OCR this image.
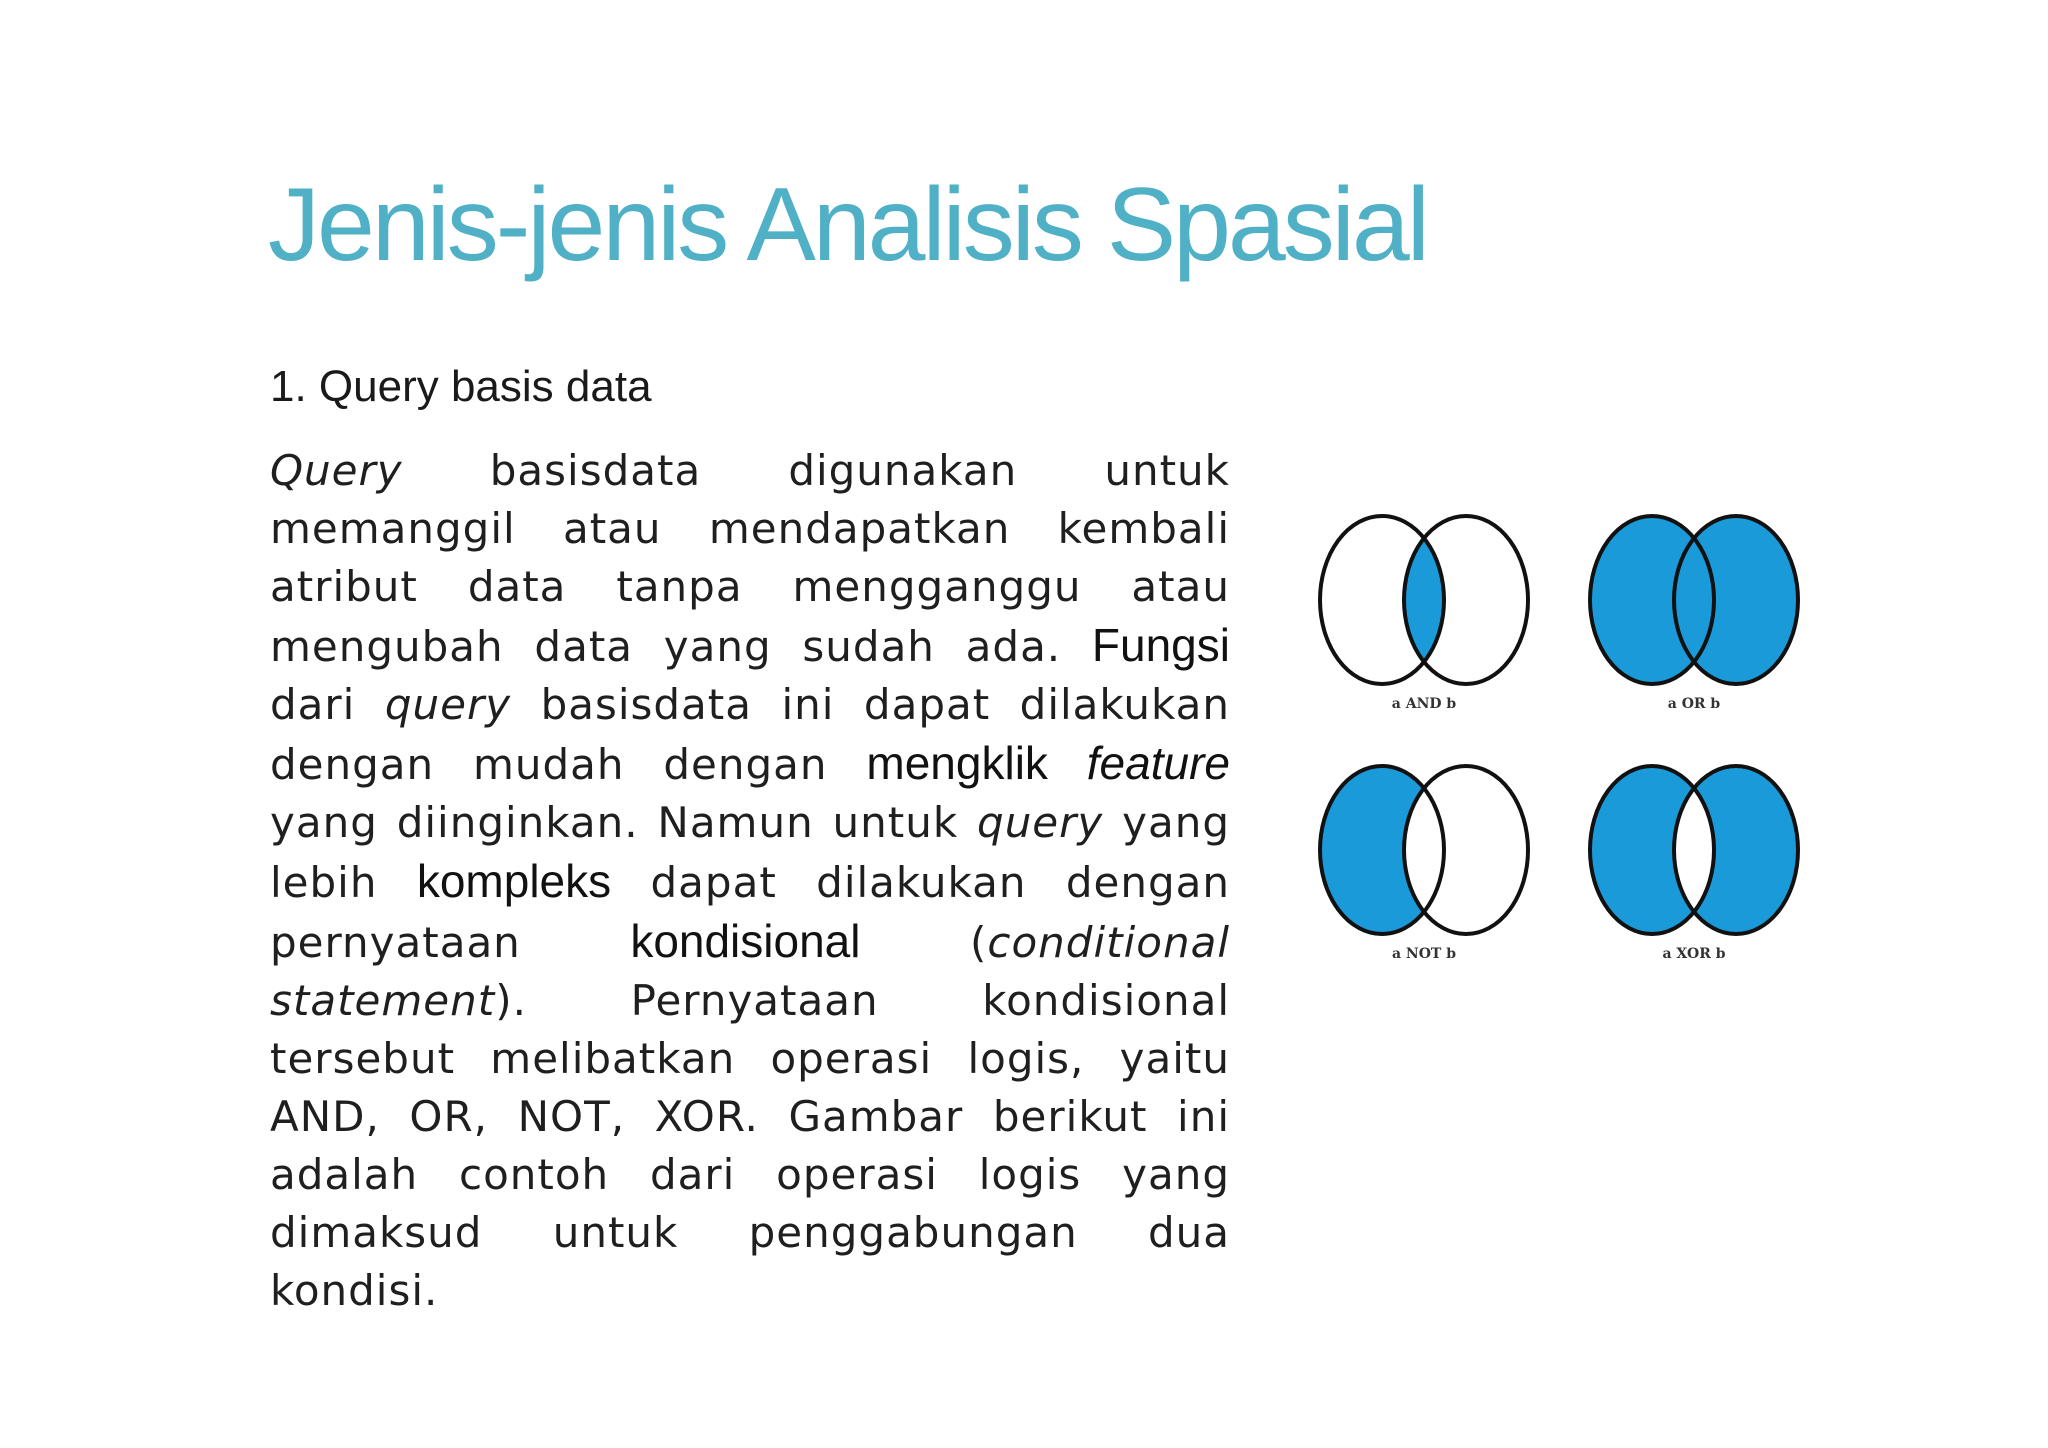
Jenis-jenis Analisis Spasial
1. Query basis data

Query basisdata digunakan untuk memanggil atau mendapatkan kembali atribut data tanpa mengganggu atau mengubah data yang sudah ada. Fungsi dari query basisdata ini dapat dilakukan dengan mudah dengan mengklik feature yang diinginkan. Namun untuk query yang lebih kompleks dapat dilakukan dengan pernyataan kondisional (conditional statement). Pernyataan kondisional tersebut melibatkan operasi logis, yaitu AND, OR, NOT, XOR. Gambar berikut ini adalah contoh dari operasi logis yang dimaksud untuk penggabungan dua kondisi.

a AND b	a OR b
a NOT b	a XOR b
